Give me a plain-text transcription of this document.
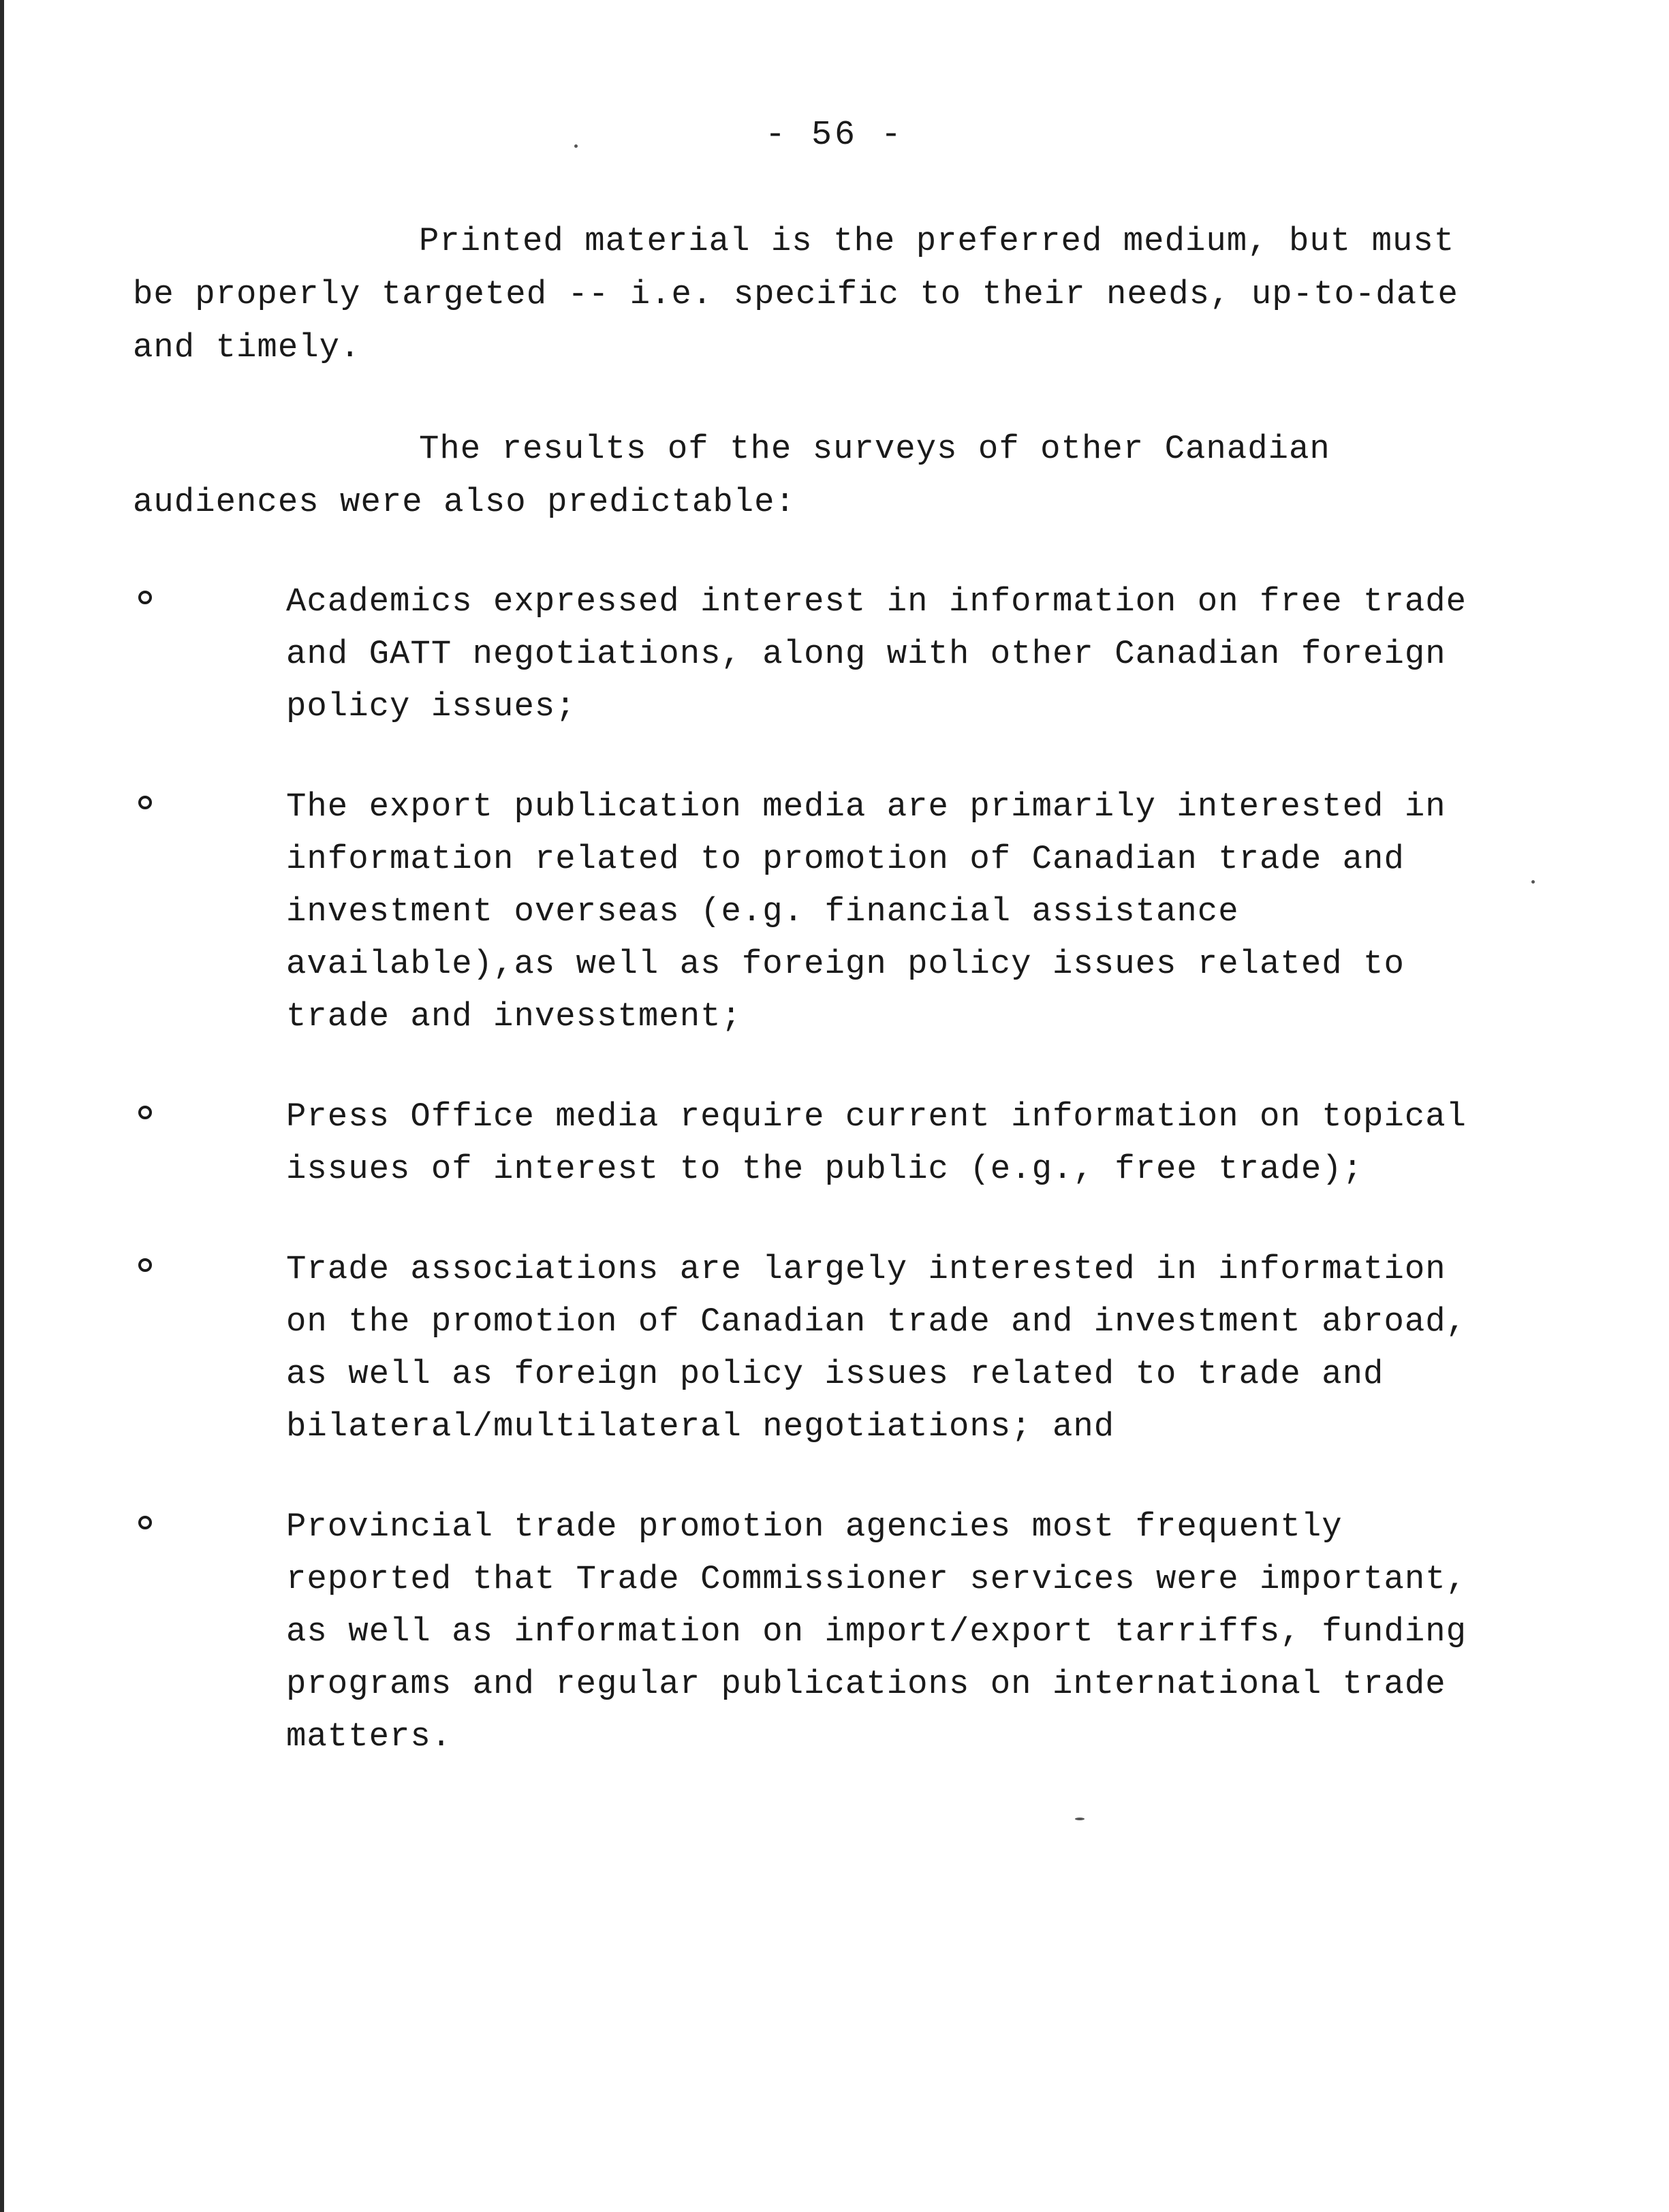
- 56 -

Printed material is the preferred medium, but must be properly targeted -- i.e. specific to their needs, up-to-date and timely.

The results of the surveys of other Canadian audiences were also predictable:

Academics expressed interest in information on free trade and GATT negotiations, along with other Canadian foreign policy issues;
The export publication media are primarily interested in information related to promotion of Canadian trade and investment overseas (e.g. financial assistance available),as well as foreign policy issues related to trade and invesstment;
Press Office media require current information on topical issues of interest to the public (e.g., free trade);
Trade associations are largely interested in information on the promotion of Canadian trade and investment abroad, as well as foreign policy issues related to trade and bilateral/multilateral negotiations; and
Provincial trade promotion agencies most frequently reported that Trade Commissioner services were important, as well as information on import/export tarriffs, funding programs and regular publications on international trade matters.
